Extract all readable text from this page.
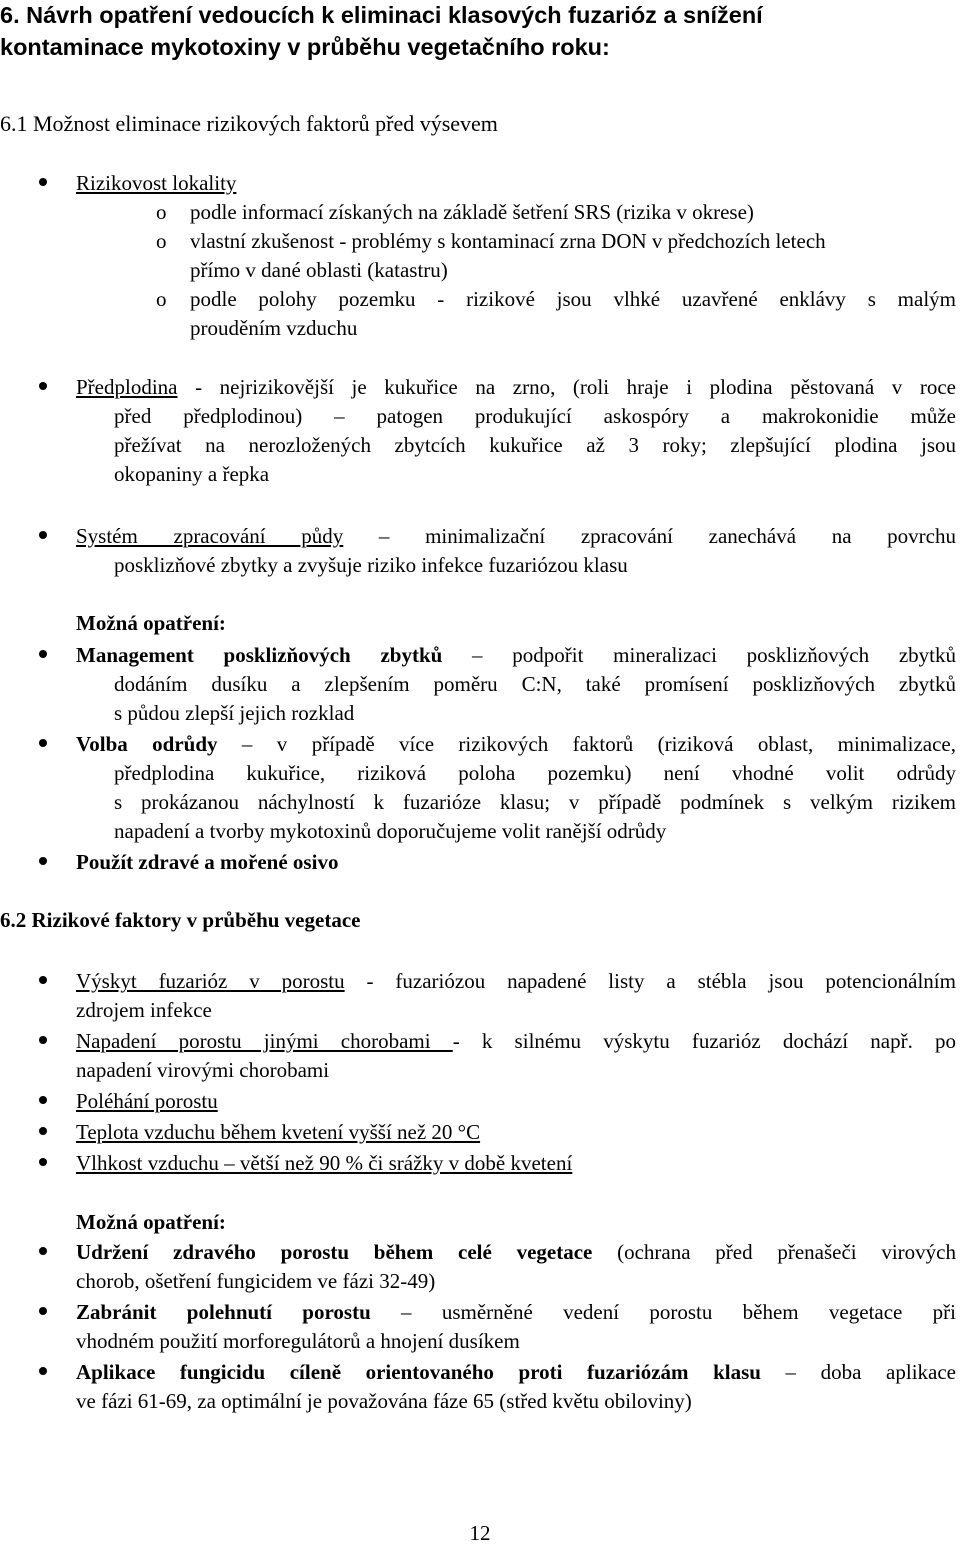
6. Návrh opatření vedoucích k eliminaci klasových fuzarióz a snížení
kontaminace mykotoxiny v průběhu vegetačního roku:
6.1 Možnost eliminace rizikových faktorů před výsevem
Rizikovost lokality
o podle informací získaných na základě šetření SRS (rizika v okrese)
o vlastní zkušenost - problémy s kontaminací zrna DON v předchozích letech
přímo v dané oblasti (katastru)
o podle polohy pozemku - rizikové jsou vlhké uzavřené enklávy s malým
prouděním vzduchu
Předplodina - nejrizikovější je kukuřice na zrno, (roli hraje i plodina pěstovaná v roce
před předplodinou) – patogen produkující askospóry a makrokonidie může
přežívat na nerozložených zbytcích kukuřice až 3 roky; zlepšující plodina jsou
okopaniny a řepka
Systém zpracování půdy – minimalizační zpracování zanechává na povrchu
posklizňové zbytky a zvyšuje riziko infekce fuzariózou klasu
Možná opatření:
Management posklizňových zbytků – podpořit mineralizaci posklizňových zbytků
dodáním dusíku a zlepšením poměru C:N, také promísení posklizňových zbytků
s půdou zlepší jejich rozklad
Volba odrůdy – v případě více rizikových faktorů (riziková oblast, minimalizace,
předplodina kukuřice, riziková poloha pozemku) není vhodné volit odrůdy
s prokázanou náchylností k fuzarióze klasu; v případě podmínek s velkým rizikem
napadení a tvorby mykotoxinů doporučujeme volit ranější odrůdy
Použít zdravé a mořené osivo
6.2 Rizikové faktory v průběhu vegetace
Výskyt fuzarióz v porostu - fuzariózou napadené listy a stébla jsou potencionálním
zdrojem infekce
Napadení porostu jinými chorobami - k silnému výskytu fuzarióz dochází např. po
napadení virovými chorobami
Poléhání porostu
Teplota vzduchu během kvetení vyšší než 20 °C
Vlhkost vzduchu – větší než 90 % či srážky v době kvetení
Možná opatření:
Udržení zdravého porostu během celé vegetace (ochrana před přenašeči virových
chorob, ošetření fungicidem ve fázi 32-49)
Zabránit polehnutí porostu – usměrněné vedení porostu během vegetace při
vhodném použití morforegulátorů a hnojení dusíkem
Aplikace fungicidu cíleně orientovaného proti fuzariózám klasu – doba aplikace
ve fázi 61-69, za optimální je považována fáze 65 (střed květu obilovіny)
12
